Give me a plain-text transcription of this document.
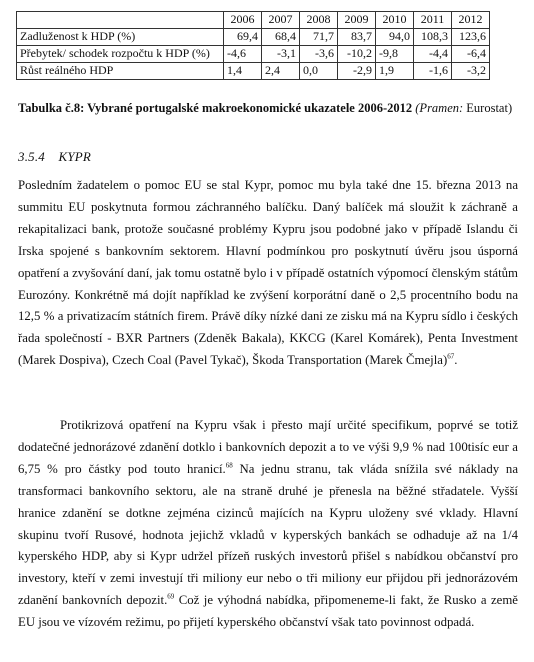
	2006	2007	2008	2009	2010	2011	2012
Zadluženost k HDP (%)	69,4	68,4	71,7	83,7	94,0	108,3	123,6
Přebytek/ schodek rozpočtu k HDP (%)	-4,6	-3,1	-3,6	-10,2	-9,8	-4,4	-6,4
Růst reálného HDP	1,4	2,4	0,0	-2,9	1,9	-1,6	-3,2
Tabulka č.8: Vybrané portugalské makroekonomické ukazatele 2006-2012 (Pramen: Eurostat)
3.5.4 KYPR

Posledním žadatelem o pomoc EU se stal Kypr, pomoc mu byla také dne 15. března 2013 na summitu EU poskytnuta formou záchranného balíčku. Daný balíček má sloužit k záchraně a rekapitalizaci bank, protože současné problémy Kypru jsou podobné jako v případě Islandu či Irska spojené s bankovním sektorem. Hlavní podmínkou pro poskytnutí úvěru jsou úsporná opatření a zvyšování daní, jak tomu ostatně bylo i v případě ostatních výpomocí členským státům Eurozóny. Konkrétně má dojít například ke zvýšení korporátní daně o 2,5 procentního bodu na 12,5 % a privatizacím státních firem. Právě díky nízké dani ze zisku má na Kypru sídlo i českých řada společností - BXR Partners (Zdeněk Bakala), KKCG (Karel Komárek), Penta Investment (Marek Dospiva), Czech Coal (Pavel Tykač), Škoda Transportation (Marek Čmejla)$^{67}$.

Protikrizová opatření na Kypru však i přesto mají určité specifikum, poprvé se totiž dodatečné jednorázové zdanění dotklo i bankovních depozit a to ve výši 9,9 % nad 100tisíc eur a 6,75 % pro částky pod touto hranicí.$^{68}$ Na jednu stranu, tak vláda snížila své náklady na transformaci bankovního sektoru, ale na straně druhé je přenesla na běžné střadatele. Vyšší hranice zdanění se dotkne zejména cizinců majících na Kypru uloženy své vklady. Hlavní skupinu tvoří Rusové, hodnota jejichž vkladů v kyperských bankách se odhaduje až na 1/4 kyperského HDP, aby si Kypr udržel přízeň ruských investorů přišel s nabídkou občanství pro investory, kteří v zemi investují tři miliony eur nebo o tři miliony eur přijdou při jednorázovém zdanění bankovních depozit.$^{69}$ Což je výhodná nabídka, připomeneme-li fakt, že Rusko a země EU jsou ve vízovém režimu, po přijetí kyperského občanství však tato povinnost odpadá.
